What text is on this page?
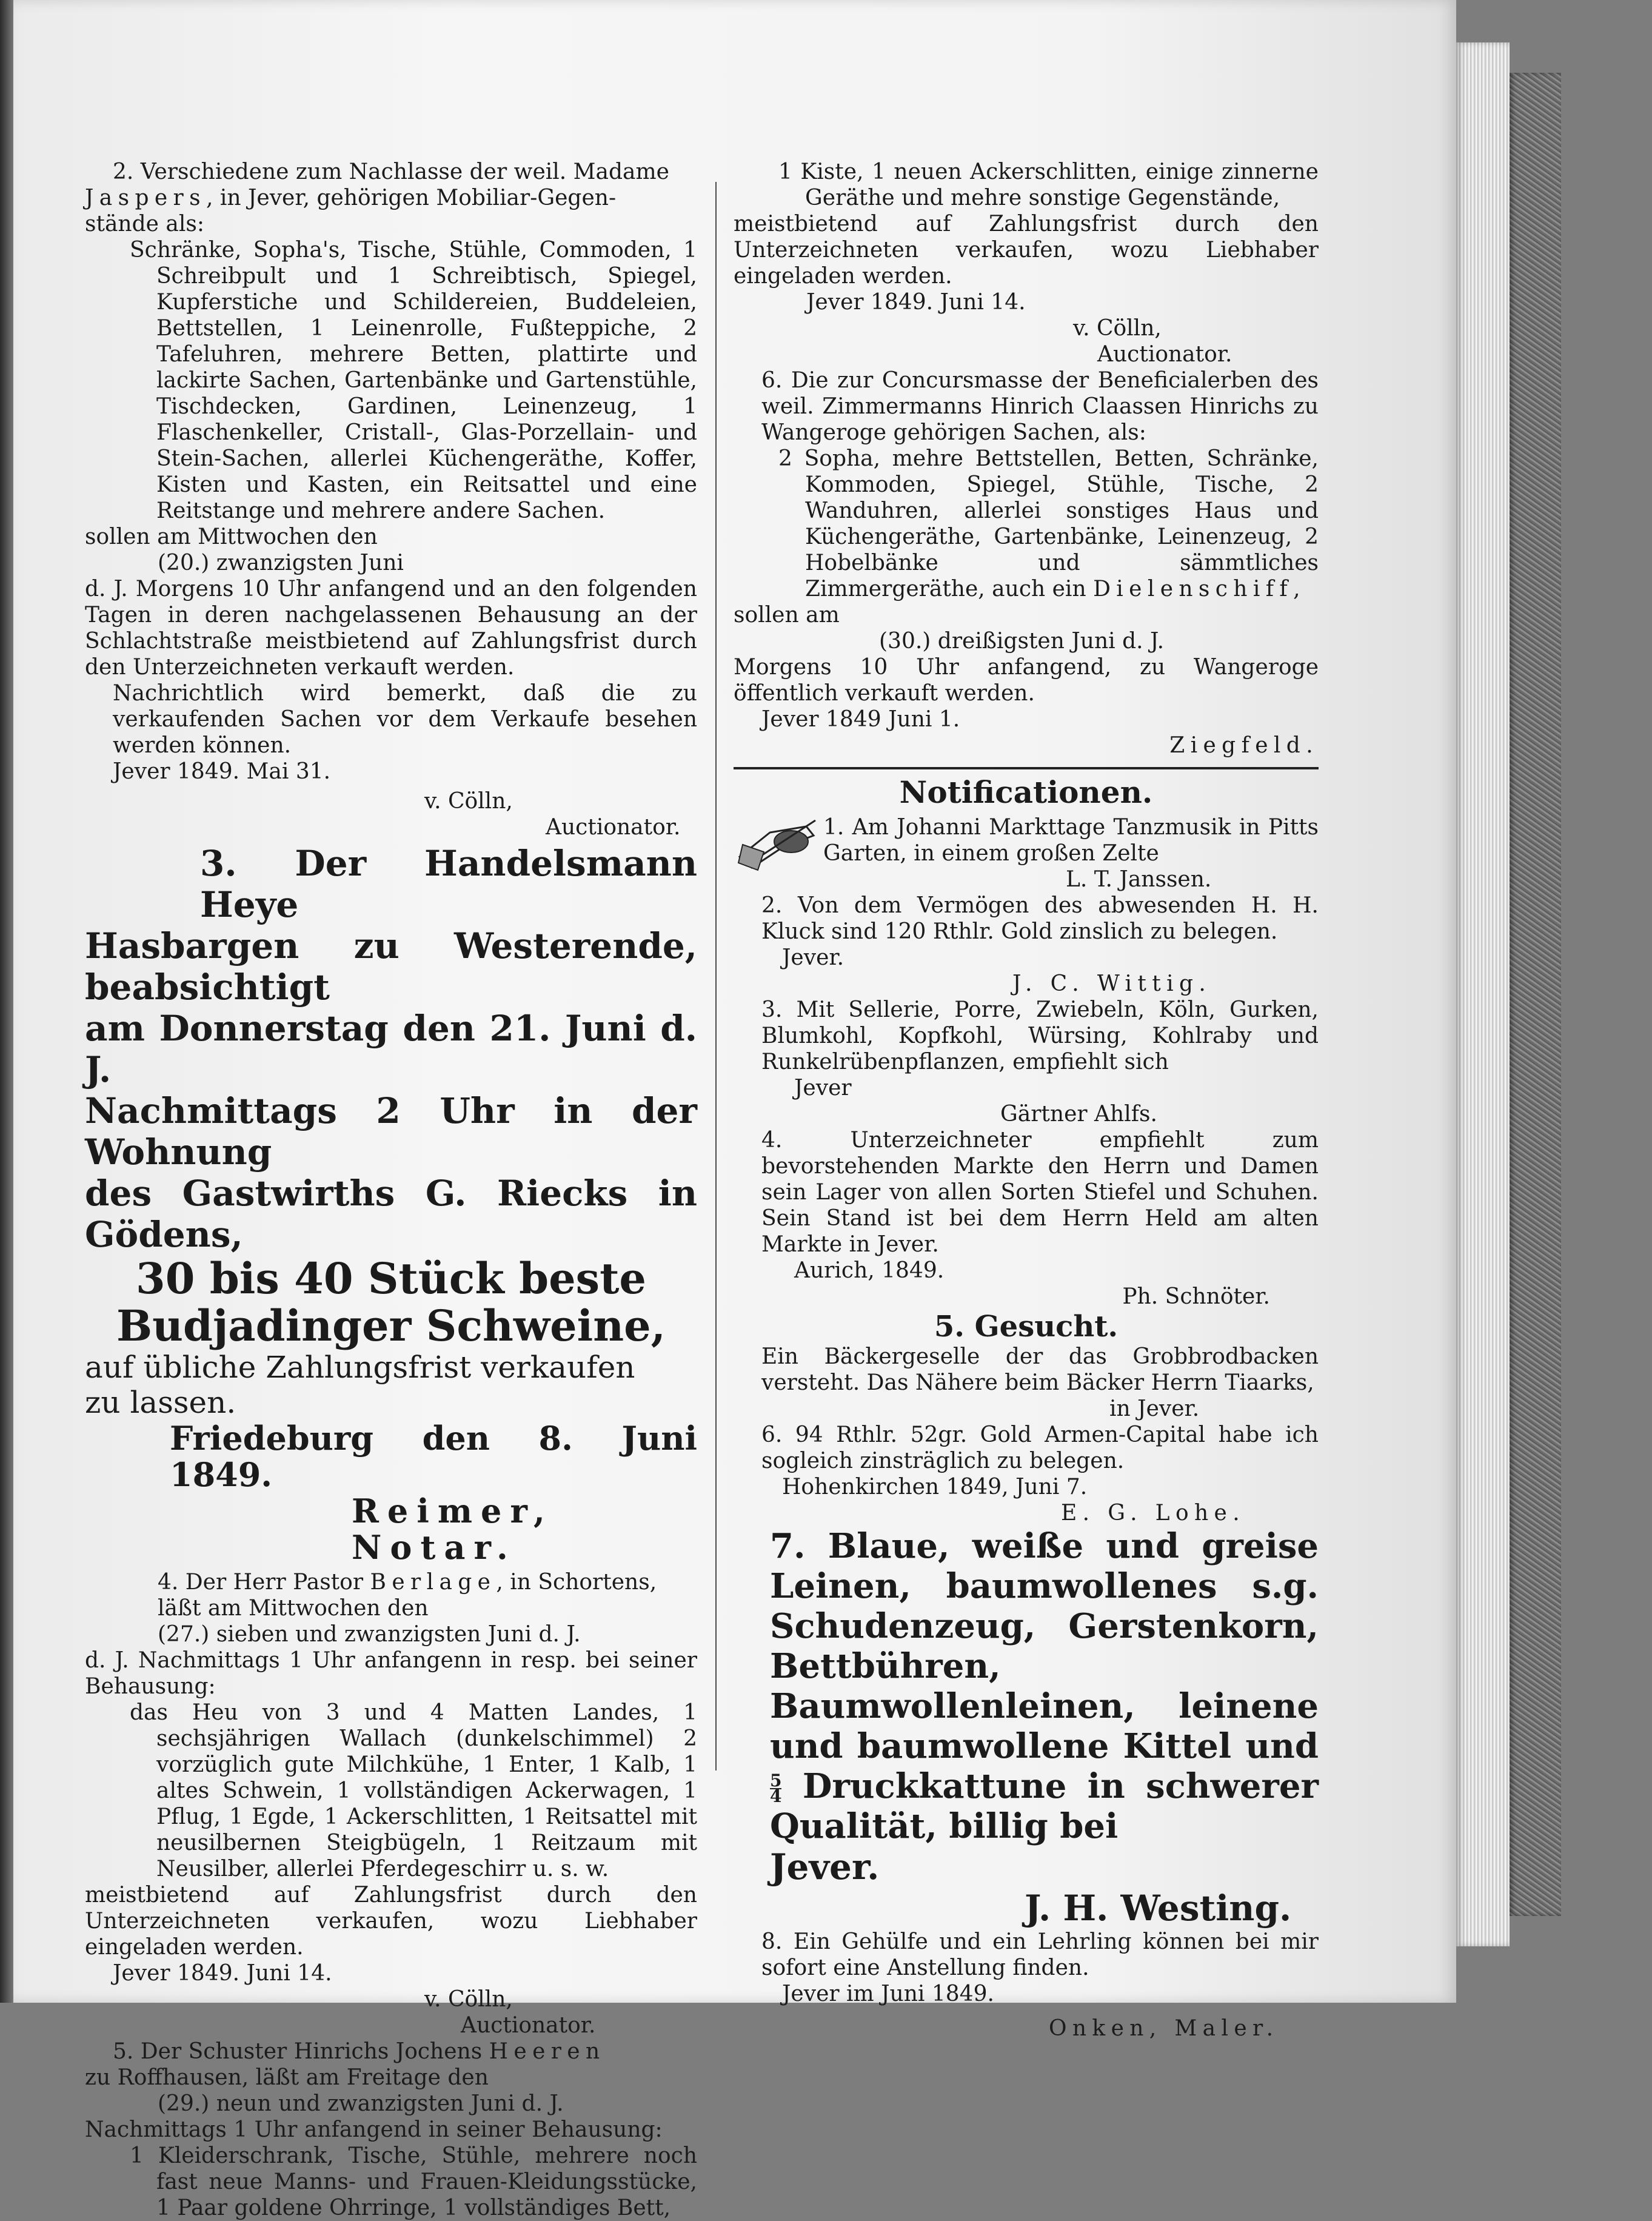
2. Verschiedene zum Nachlasse der weil. Madame

Jaspers, in Jever, gehörigen Mobiliar-Gegen-

stände als:

Schränke, Sopha's, Tische, Stühle, Commoden, 1 Schreibpult und 1 Schreibtisch, Spiegel, Kupferstiche und Schildereien, Buddeleien, Bettstellen, 1 Leinenrolle, Fußteppiche, 2 Tafeluhren, mehrere Betten, plattirte und lackirte Sachen, Gartenbänke und Gartenstühle, Tischdecken, Gardinen, Leinenzeug, 1 Flaschenkeller, Cristall-, Glas-Porzellain- und Stein-Sachen, allerlei Küchengeräthe, Koffer, Kisten und Kasten, ein Reitsattel und eine Reitstange und mehrere andere Sachen.

sollen am Mittwochen den

(20.) zwanzigsten Juni

d. J. Morgens 10 Uhr anfangend und an den folgenden Tagen in deren nachgelassenen Behausung an der Schlachtstraße meistbietend auf Zahlungsfrist durch den Unterzeichneten verkauft werden.

Nachrichtlich wird bemerkt, daß die zu verkaufenden Sachen vor dem Verkaufe besehen werden können.

Jever 1849. Mai 31.

v. Cölln,

Auctionator.

3. Der Handelsmann Heye

Hasbargen zu Westerende, beabsichtigt

am Donnerstag den 21. Juni d. J.

Nachmittags 2 Uhr in der Wohnung

des Gastwirths G. Riecks in Gödens,

30 bis 40 Stück beste

Budjadinger Schweine,

auf übliche Zahlungsfrist verkaufen

zu lassen.

Friedeburg den 8. Juni 1849.

Reimer, Notar.

4. Der Herr Pastor Berlage, in Schortens,

läßt am Mittwochen den

(27.) sieben und zwanzigsten Juni d. J.

d. J. Nachmittags 1 Uhr anfangenn in resp. bei seiner Behausung:

das Heu von 3 und 4 Matten Landes, 1 sechsjährigen Wallach (dunkelschimmel) 2 vorzüglich gute Milchkühe, 1 Enter, 1 Kalb, 1 altes Schwein, 1 vollständigen Ackerwagen, 1 Pflug, 1 Egde, 1 Ackerschlitten, 1 Reitsattel mit neusilbernen Steigbügeln, 1 Reitzaum mit Neusilber, allerlei Pferdegeschirr u. s. w.

meistbietend auf Zahlungsfrist durch den Unterzeichneten verkaufen, wozu Liebhaber eingeladen werden.

Jever 1849. Juni 14.

v. Cölln,

Auctionator.

5. Der Schuster Hinrichs Jochens Heeren

zu Roffhausen, läßt am Freitage den

(29.) neun und zwanzigsten Juni d. J.

Nachmittags 1 Uhr anfangend in seiner Behausung:

1 Kleiderschrank, Tische, Stühle, mehrere noch fast neue Manns- und Frauen-Kleidungsstücke, 1 Paar goldene Ohrringe, 1 vollständiges Bett,

1 Kiste, 1 neuen Ackerschlitten, einige zinnerne Geräthe und mehre sonstige Gegenstände,

meistbietend auf Zahlungsfrist durch den Unterzeichneten verkaufen, wozu Liebhaber eingeladen werden.

Jever 1849. Juni 14.

v. Cölln,

Auctionator.

6. Die zur Concursmasse der Beneficialerben des weil. Zimmermanns Hinrich Claassen Hinrichs zu Wangeroge gehörigen Sachen, als:

2 Sopha, mehre Bettstellen, Betten, Schränke, Kommoden, Spiegel, Stühle, Tische, 2 Wanduhren, allerlei sonstiges Haus und Küchengeräthe, Gartenbänke, Leinenzeug, 2 Hobelbänke und sämmtliches Zimmergeräthe, auch ein Dielenschiff,

sollen am

(30.) dreißigsten Juni d. J.

Morgens 10 Uhr anfangend, zu Wangeroge öffentlich verkauft werden.

Jever 1849 Juni 1.

Ziegfeld.

Notificationen.

1. Am Johanni Markttage Tanzmusik in Pitts Garten, in einem großen Zelte

L. T. Janssen.

2. Von dem Vermögen des abwesenden H. H. Kluck sind 120 Rthlr. Gold zinslich zu belegen.

Jever.

J. C. Wittig.

3. Mit Sellerie, Porre, Zwiebeln, Köln, Gurken, Blumkohl, Kopfkohl, Würsing, Kohlraby und Runkelrübenpflanzen, empfiehlt sich

Jever

Gärtner Ahlfs.

4. Unterzeichneter empfiehlt zum bevorstehenden Markte den Herrn und Damen sein Lager von allen Sorten Stiefel und Schuhen. Sein Stand ist bei dem Herrn Held am alten Markte in Jever.

Aurich, 1849.

Ph. Schnöter.

5. Gesucht.

Ein Bäckergeselle der das Grobbrodbacken versteht. Das Nähere beim Bäcker Herrn Tiaarks,

in Jever.

6. 94 Rthlr. 52gr. Gold Armen-Capital habe ich sogleich zinsträglich zu belegen.

Hohenkirchen 1849, Juni 7.

E. G. Lohe.

7. Blaue, weiße und greise Leinen, baumwollenes s.g. Schudenzeug, Gerstenkorn, Bettbühren, Baumwollenleinen, leinene und baumwollene Kittel und
$\frac{5}{4}$ Druckkattune in schwerer Qualität, billig bei

Jever.

J. H. Westing.

8. Ein Gehülfe und ein Lehrling können bei mir sofort eine Anstellung finden.

Jever im Juni 1849.

Onken, Maler.
